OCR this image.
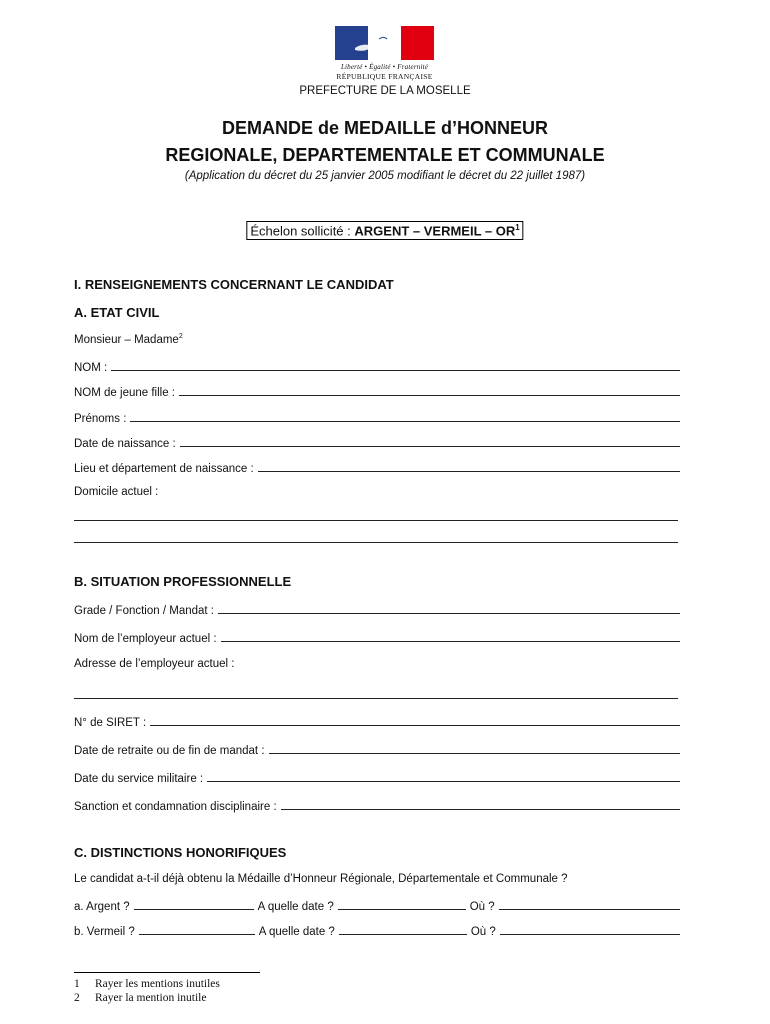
Liberté • Égalité • Fraternité
RÉPUBLIQUE FRANÇAISE
PREFECTURE DE LA MOSELLE
DEMANDE de MEDAILLE d’HONNEUR
REGIONALE, DEPARTEMENTALE ET COMMUNALE
(Application du décret du 25 janvier 2005 modifiant le décret du 22 juillet 1987)
Échelon sollicité : ARGENT – VERMEIL – $OR^1$
I. RENSEIGNEMENTS CONCERNANT LE CANDIDAT
A. ETAT CIVIL
Monsieur – Madame$^2$
NOM :
NOM de jeune fille :
Prénoms :
Date de naissance :
Lieu et département de naissance :
Domicile actuel :
B. SITUATION PROFESSIONNELLE
Grade / Fonction / Mandat :
Nom de l’employeur actuel :
Adresse de l’employeur actuel :
N° de SIRET :
Date de retraite ou de fin de mandat :
Date du service militaire :
Sanction et condamnation disciplinaire :
C. DISTINCTIONS HONORIFIQUES
Le candidat a-t-il déjà obtenu la Médaille d’Honneur Régionale, Départementale et Communale ?
a. Argent ?	A quelle date ?	Où ?
b. Vermeil ?	A quelle date ?	Où ?
1	Rayer les mentions inutiles
2	Rayer la mention inutile
